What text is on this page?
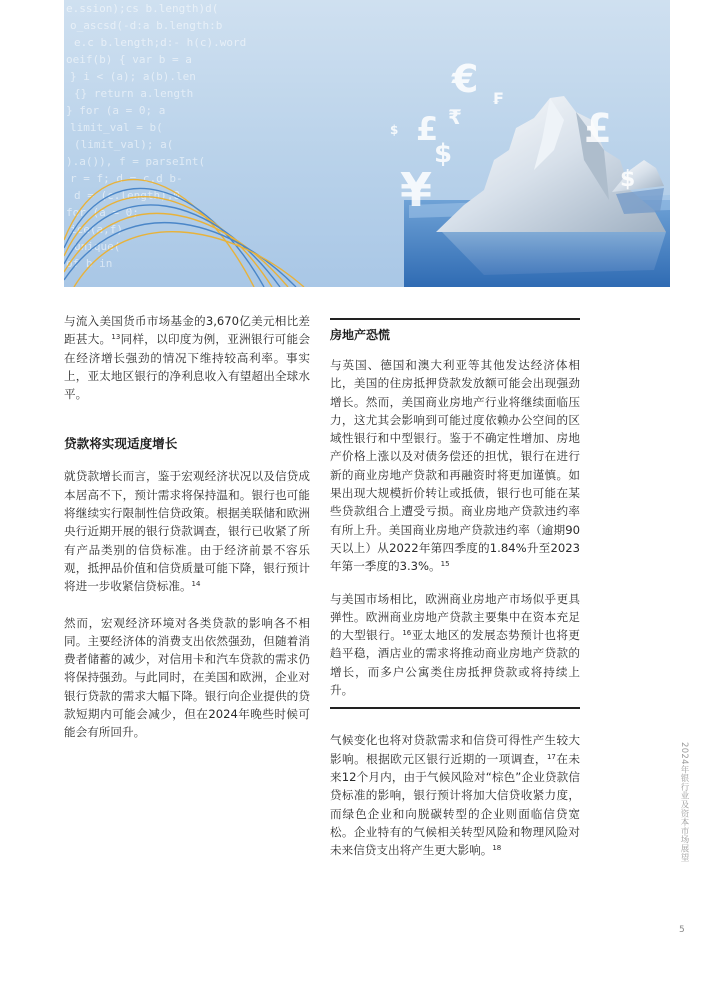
e.ssion);cs b.length)d(
o_ascsd(-d:a b.length:b
e.c b.length;d:- h(c).word
oeif(b) { var b = a
} i < (a); a(b).len
{} return a.length
} for (a = 0; a
limit_val = b(
(limit_val); a(
).a()), f = parseInt(
r = f; d = c,d b-
d = (c.length),0
for (a = 0;
ice(a,f)
unique(
of b in
€ ₣
£ ₹
$
¥
$
£
$

与流入美国货币市场基金的3,670亿美元相比差距甚大。$^{13}$同样，以印度为例，亚洲银行可能会在经济增长强劲的情况下维持较高利率。事实上，亚太地区银行的净利息收入有望超出全球水平。

贷款将实现适度增长

就贷款增长而言，鉴于宏观经济状况以及信贷成本居高不下，预计需求将保持温和。银行也可能将继续实行限制性信贷政策。根据美联储和欧洲央行近期开展的银行贷款调查，银行已收紧了所有产品类别的信贷标准。由于经济前景不容乐观，抵押品价值和信贷质量可能下降，银行预计将进一步收紧信贷标准。$^{14}$

然而，宏观经济环境对各类贷款的影响各不相同。主要经济体的消费支出依然强劲，但随着消费者储蓄的减少，对信用卡和汽车贷款的需求仍将保持强劲。与此同时，在美国和欧洲，企业对银行贷款的需求大幅下降。银行向企业提供的贷款短期内可能会减少，但在2024年晚些时候可能会有所回升。

房地产恐慌

与英国、德国和澳大利亚等其他发达经济体相比，美国的住房抵押贷款发放额可能会出现强劲增长。然而，美国商业房地产行业将继续面临压力，这尤其会影响到可能过度依赖办公空间的区域性银行和中型银行。鉴于不确定性增加、房地产价格上涨以及对债务偿还的担忧，银行在进行新的商业房地产贷款和再融资时将更加谨慎。如果出现大规模折价转让或抵债，银行也可能在某些贷款组合上遭受亏损。商业房地产贷款违约率有所上升。美国商业房地产贷款违约率（逾期90天以上）从2022年第四季度的1.84%升至2023年第一季度的3.3%。$^{15}$

与美国市场相比，欧洲商业房地产市场似乎更具弹性。欧洲商业房地产贷款主要集中在资本充足的大型银行。$^{16}$亚太地区的发展态势预计也将更趋平稳，酒店业的需求将推动商业房地产贷款的增长，而多户公寓类住房抵押贷款或将持续上升。

气候变化也将对贷款需求和信贷可得性产生较大影响。根据欧元区银行近期的一项调查，$^{17}$在未来12个月内，由于气候风险对“棕色”企业贷款信贷标准的影响，银行预计将加大信贷收紧力度，而绿色企业和向脱碳转型的企业则面临信贷宽松。企业特有的气候相关转型风险和物理风险对未来信贷支出将产生更大影响。$^{18}$	2024年银行业及资本市场展望
5
